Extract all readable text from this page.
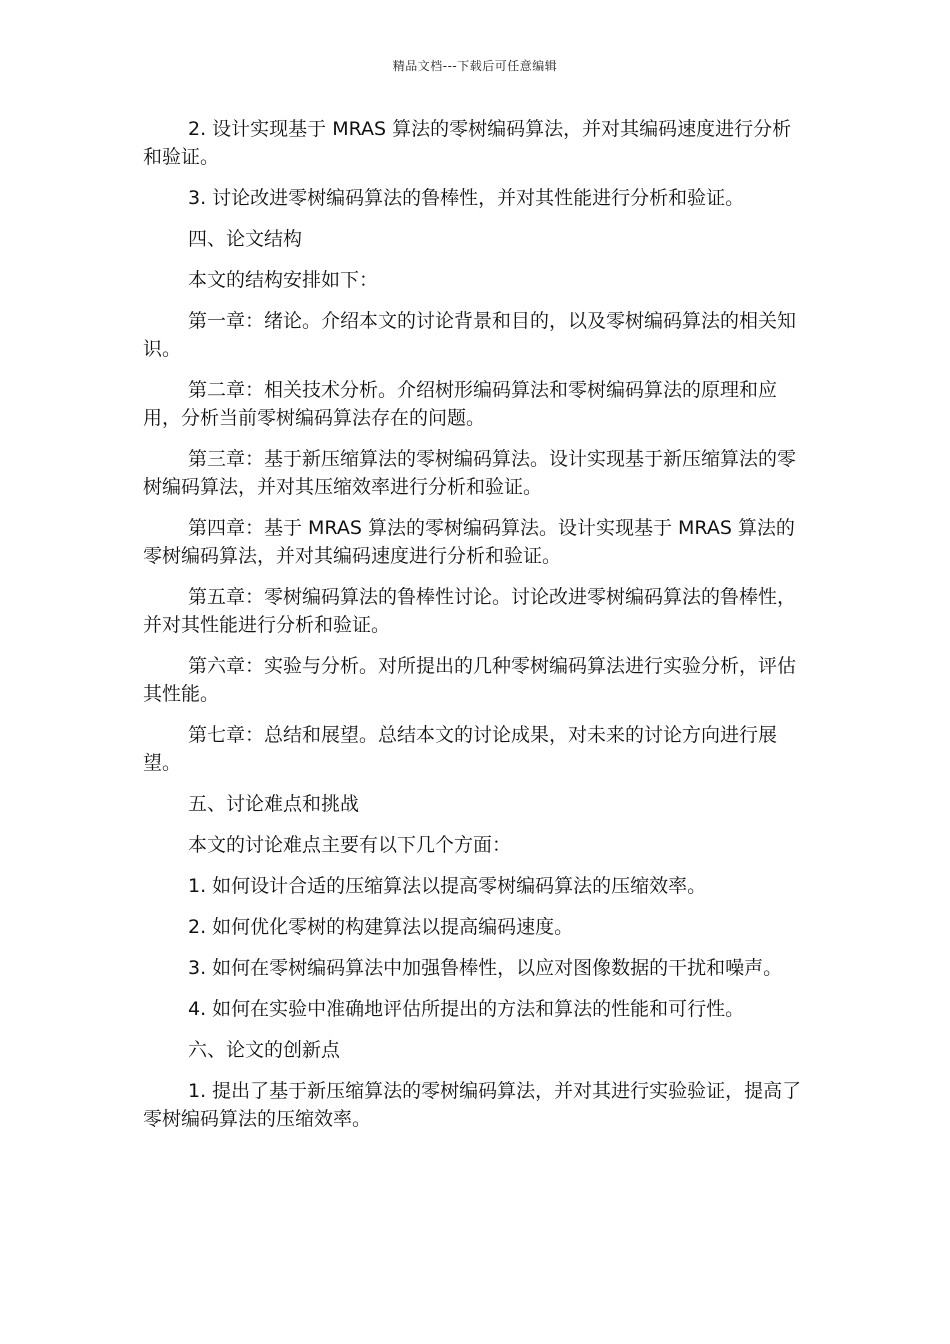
精品文档---下载后可任意编辑

2. 设计实现基于 MRAS 算法的零树编码算法，并对其编码速度进行分析和验证。

3. 讨论改进零树编码算法的鲁棒性，并对其性能进行分析和验证。

四、论文结构

本文的结构安排如下：

第一章：绪论。介绍本文的讨论背景和目的，以及零树编码算法的相关知识。

第二章：相关技术分析。介绍树形编码算法和零树编码算法的原理和应用，分析当前零树编码算法存在的问题。

第三章：基于新压缩算法的零树编码算法。设计实现基于新压缩算法的零树编码算法，并对其压缩效率进行分析和验证。

第四章：基于 MRAS 算法的零树编码算法。设计实现基于 MRAS 算法的零树编码算法，并对其编码速度进行分析和验证。

第五章：零树编码算法的鲁棒性讨论。讨论改进零树编码算法的鲁棒性，并对其性能进行分析和验证。

第六章：实验与分析。对所提出的几种零树编码算法进行实验分析，评估其性能。

第七章：总结和展望。总结本文的讨论成果，对未来的讨论方向进行展望。

五、讨论难点和挑战

本文的讨论难点主要有以下几个方面：

1. 如何设计合适的压缩算法以提高零树编码算法的压缩效率。

2. 如何优化零树的构建算法以提高编码速度。

3. 如何在零树编码算法中加强鲁棒性，以应对图像数据的干扰和噪声。

4. 如何在实验中准确地评估所提出的方法和算法的性能和可行性。

六、论文的创新点

1. 提出了基于新压缩算法的零树编码算法，并对其进行实验验证，提高了零树编码算法的压缩效率。
